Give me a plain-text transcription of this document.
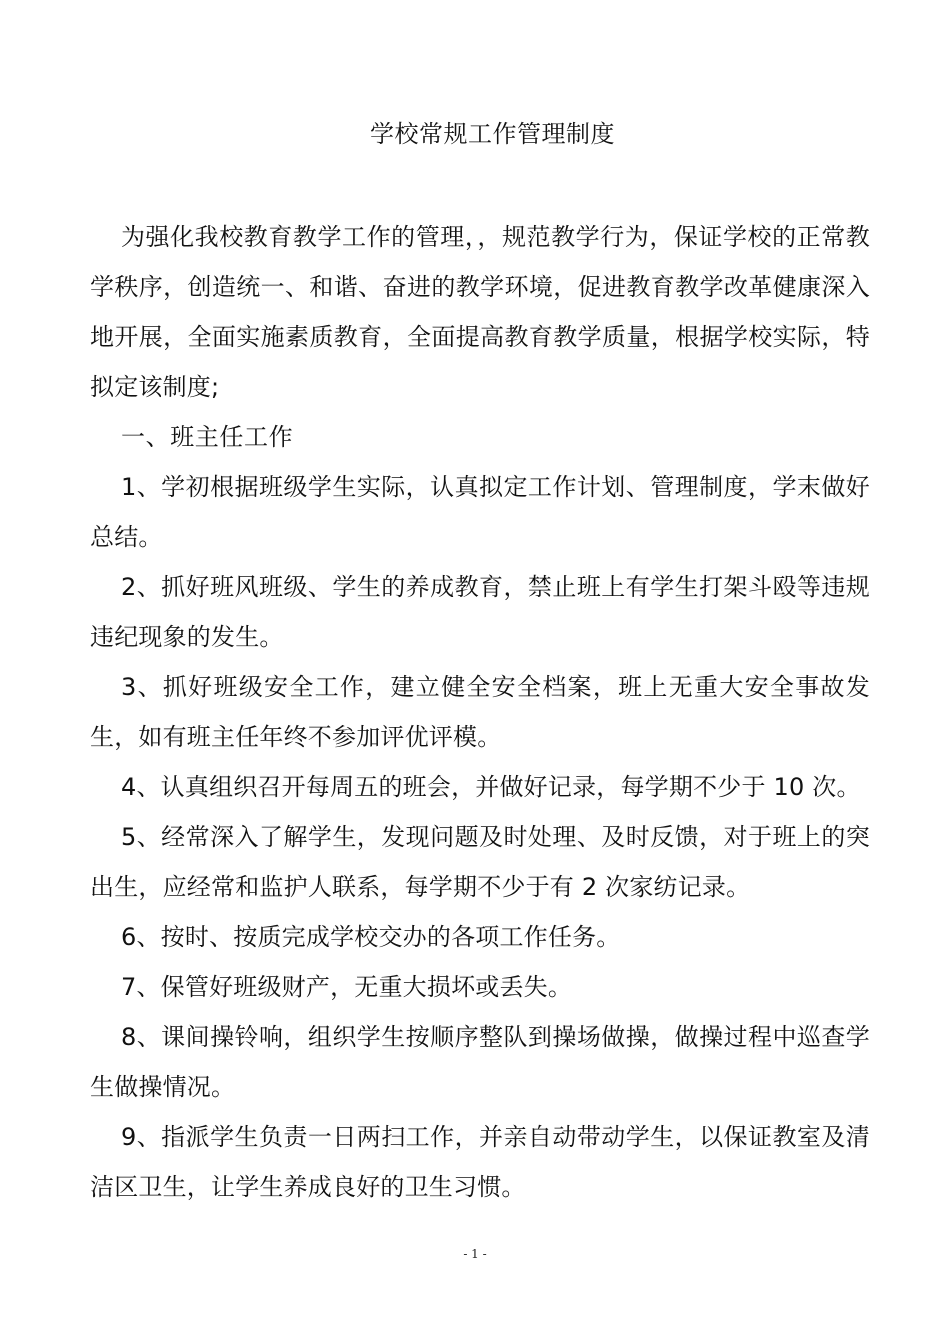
学校常规工作管理制度

为强化我校教育教学工作的管理，，规范教学行为，保证学校的正常教学秩序，创造统一、和谐、奋进的教学环境，促进教育教学改革健康深入地开展，全面实施素质教育，全面提高教育教学质量，根据学校实际，特拟定该制度;

一、班主任工作

1、学初根据班级学生实际，认真拟定工作计划、管理制度，学末做好总结。

2、抓好班风班级、学生的养成教育，禁止班上有学生打架斗殴等违规违纪现象的发生。

3、抓好班级安全工作，建立健全安全档案，班上无重大安全事故发生，如有班主任年终不参加评优评模。

4、认真组织召开每周五的班会，并做好记录，每学期不少于 10 次。

5、经常深入了解学生，发现问题及时处理、及时反馈，对于班上的突出生，应经常和监护人联系，每学期不少于有 2 次家纺记录。

6、按时、按质完成学校交办的各项工作任务。

7、保管好班级财产，无重大损坏或丢失。

8、课间操铃响，组织学生按顺序整队到操场做操，做操过程中巡查学生做操情况。

9、指派学生负责一日两扫工作，并亲自动带动学生，以保证教室及清洁区卫生，让学生养成良好的卫生习惯。

- 1 -
